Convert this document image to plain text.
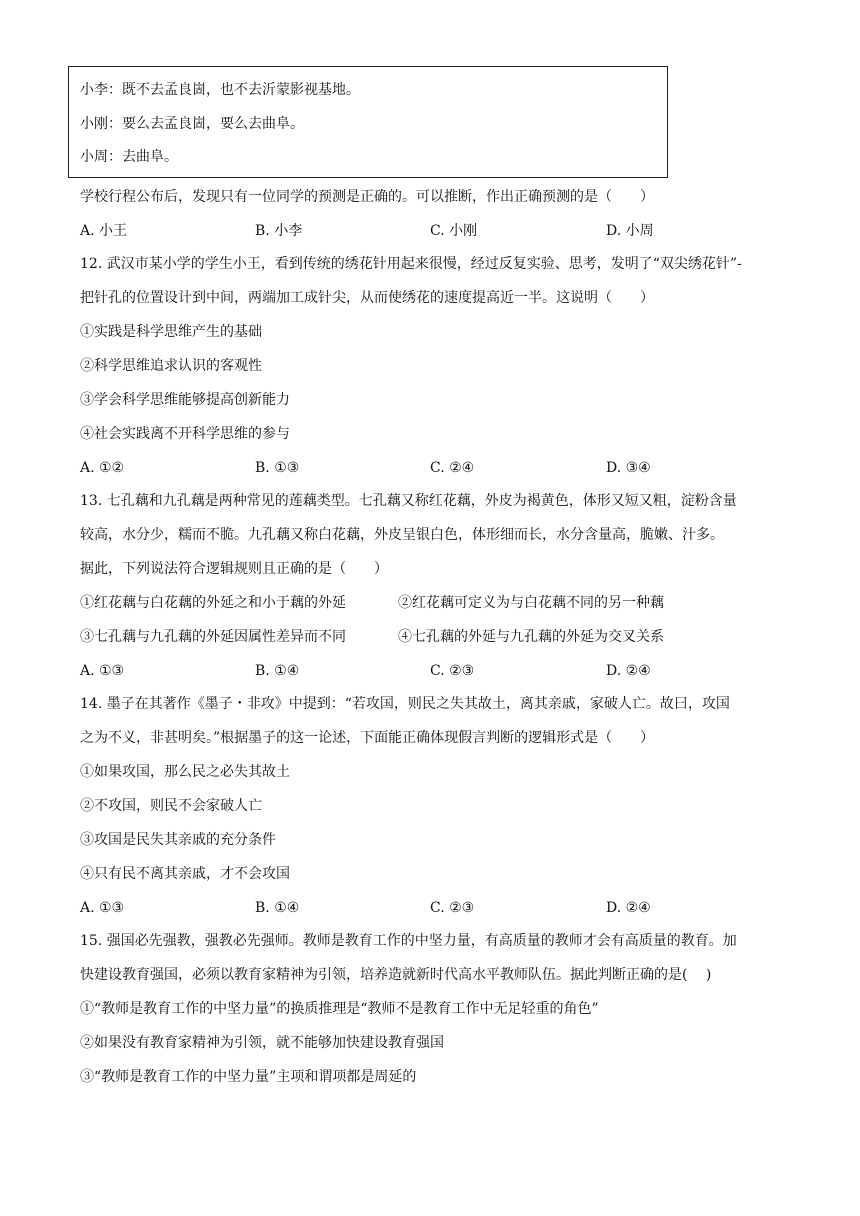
小李：既不去孟良崮，也不去沂蒙影视基地。
小刚：要么去孟良崮，要么去曲阜。
小周：去曲阜。
学校行程公布后，发现只有一位同学的预测是正确的。可以推断，作出正确预测的是（　　）
A. 小王	B. 小李	C. 小刚	D. 小周
12. 武汉市某小学的学生小王，看到传统的绣花针用起来很慢，经过反复实验、思考，发明了“双尖绣花针”-
把针孔的位置设计到中间，两端加工成针尖，从而使绣花的速度提高近一半。这说明（　　）
①实践是科学思维产生的基础
②科学思维追求认识的客观性
③学会科学思维能够提高创新能力
④社会实践离不开科学思维的参与
A. ①②	B. ①③	C. ②④	D. ③④
13. 七孔藕和九孔藕是两种常见的莲藕类型。七孔藕又称红花藕，外皮为褐黄色，体形又短又粗，淀粉含量
较高，水分少，糯而不脆。九孔藕又称白花藕，外皮呈银白色，体形细而长，水分含量高，脆嫩、汁多。
据此，下列说法符合逻辑规则且正确的是（　　）
①红花藕与白花藕的外延之和小于藕的外延	②红花藕可定义为与白花藕不同的另一种藕
③七孔藕与九孔藕的外延因属性差异而不同	④七孔藕的外延与九孔藕的外延为交叉关系
A. ①③	B. ①④	C. ②③	D. ②④
14. 墨子在其著作《墨子・非攻》中提到：“若攻国，则民之失其故土，离其亲戚，家破人亡。故曰，攻国
之为不义，非甚明矣。”根据墨子的这一论述，下面能正确体现假言判断的逻辑形式是（　　）
①如果攻国，那么民之必失其故土
②不攻国，则民不会家破人亡
③攻国是民失其亲戚的充分条件
④只有民不离其亲戚，才不会攻国
A. ①③	B. ①④	C. ②③	D. ②④
15. 强国必先强教，强教必先强师。教师是教育工作的中坚力量，有高质量的教师才会有高质量的教育。加
快建设教育强国，必须以教育家精神为引领，培养造就新时代高水平教师队伍。据此判断正确的是(　 )
①“教师是教育工作的中坚力量”的换质推理是“教师不是教育工作中无足轻重的角色”
②如果没有教育家精神为引领，就不能够加快建设教育强国
③“教师是教育工作的中坚力量”主项和谓项都是周延的
